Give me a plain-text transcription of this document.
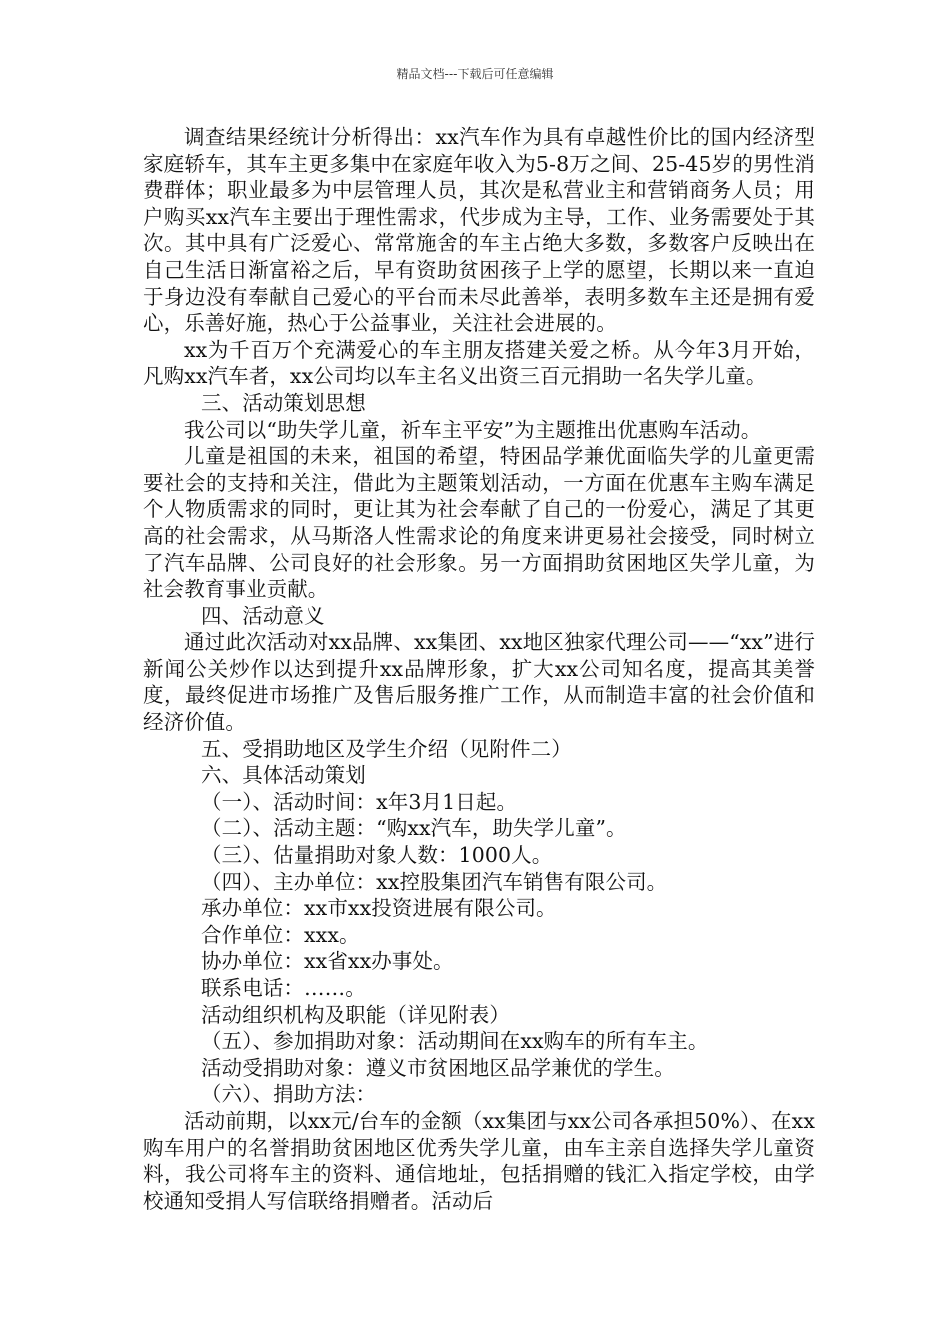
精品文档---下载后可任意编辑

调查结果经统计分析得出：xx汽车作为具有卓越性价比的国内经济型家庭轿车，其车主更多集中在家庭年收入为5-8万之间、25-45岁的男性消费群体；职业最多为中层管理人员，其次是私营业主和营销商务人员；用户购买xx汽车主要出于理性需求，代步成为主导，工作、业务需要处于其次。其中具有广泛爱心、常常施舍的车主占绝大多数，多数客户反映出在自己生活日渐富裕之后，早有资助贫困孩子上学的愿望，长期以来一直迫于身边没有奉献自己爱心的平台而未尽此善举，表明多数车主还是拥有爱心，乐善好施，热心于公益事业，关注社会进展的。

xx为千百万个充满爱心的车主朋友搭建关爱之桥。从今年3月开始，凡购xx汽车者，xx公司均以车主名义出资三百元捐助一名失学儿童。

三、活动策划思想

我公司以“助失学儿童，祈车主平安”为主题推出优惠购车活动。

儿童是祖国的未来，祖国的希望，特困品学兼优面临失学的儿童更需要社会的支持和关注，借此为主题策划活动，一方面在优惠车主购车满足个人物质需求的同时，更让其为社会奉献了自己的一份爱心，满足了其更高的社会需求，从马斯洛人性需求论的角度来讲更易社会接受，同时树立了汽车品牌、公司良好的社会形象。另一方面捐助贫困地区失学儿童，为社会教育事业贡献。

四、活动意义

通过此次活动对xx品牌、xx集团、xx地区独家代理公司——“xx”进行新闻公关炒作以达到提升xx品牌形象，扩大xx公司知名度，提高其美誉度，最终促进市场推广及售后服务推广工作，从而制造丰富的社会价值和经济价值。

五、受捐助地区及学生介绍（见附件二）

六、具体活动策划

（一）、活动时间：x年3月1日起。

（二）、活动主题：“购xx汽车，助失学儿童”。

（三）、估量捐助对象人数：1000人。

（四）、主办单位：xx控股集团汽车销售有限公司。

承办单位：xx市xx投资进展有限公司。

合作单位：xxx。

协办单位：xx省xx办事处。

联系电话：……。

活动组织机构及职能（详见附表）

（五）、参加捐助对象：活动期间在xx购车的所有车主。

活动受捐助对象：遵义市贫困地区品学兼优的学生。

（六）、捐助方法：

活动前期，以xx元/台车的金额（xx集团与xx公司各承担50%）、在xx购车用户的名誉捐助贫困地区优秀失学儿童，由车主亲自选择失学儿童资料，我公司将车主的资料、通信地址，包括捐赠的钱汇入指定学校，由学校通知受捐人写信联络捐赠者。活动后
